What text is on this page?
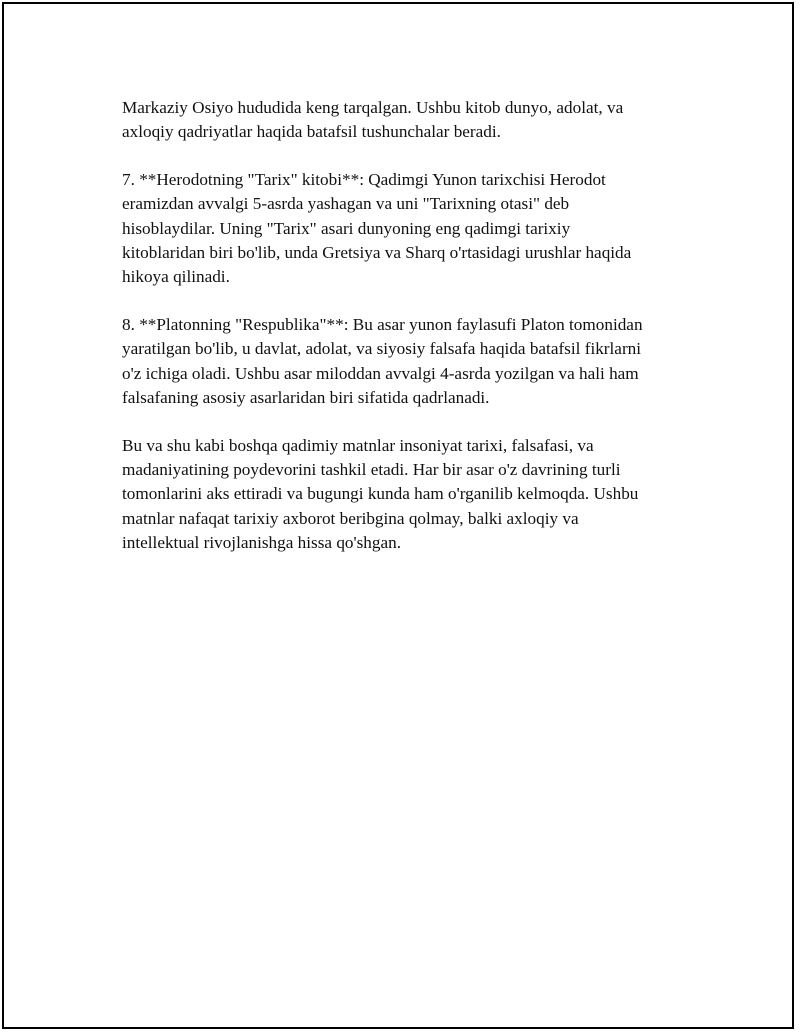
Markaziy Osiyo hududida keng tarqalgan. Ushbu kitob dunyo, adolat, va
axloqiy qadriyatlar haqida batafsil tushunchalar beradi.

7. **Herodotning "Tarix" kitobi**: Qadimgi Yunon tarixchisi Herodot
eramizdan avvalgi 5-asrda yashagan va uni "Tarixning otasi" deb
hisoblaydilar. Uning "Tarix" asari dunyoning eng qadimgi tarixiy
kitoblaridan biri bo'lib, unda Gretsiya va Sharq o'rtasidagi urushlar haqida
hikoya qilinadi.

8. **Platonning "Respublika"**: Bu asar yunon faylasufi Platon tomonidan
yaratilgan bo'lib, u davlat, adolat, va siyosiy falsafa haqida batafsil fikrlarni
o'z ichiga oladi. Ushbu asar miloddan avvalgi 4-asrda yozilgan va hali ham
falsafaning asosiy asarlaridan biri sifatida qadrlanadi.

Bu va shu kabi boshqa qadimiy matnlar insoniyat tarixi, falsafasi, va
madaniyatining poydevorini tashkil etadi. Har bir asar o'z davrining turli
tomonlarini aks ettiradi va bugungi kunda ham o'rganilib kelmoqda. Ushbu
matnlar nafaqat tarixiy axborot beribgina qolmay, balki axloqiy va
intellektual rivojlanishga hissa qo'shgan.
